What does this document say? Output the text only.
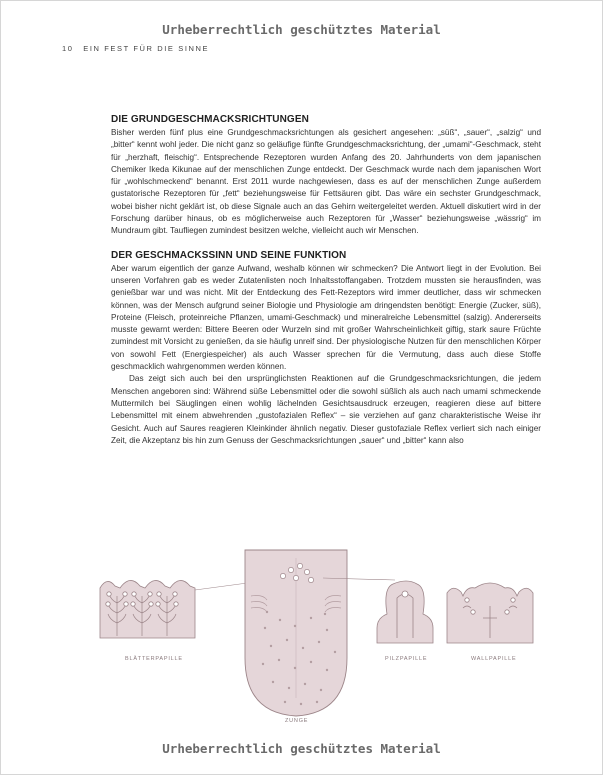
Urheberrechtlich geschütztes Material
10 EIN FEST FÜR DIE SINNE
DIE GRUNDGESCHMACKSRICHTUNGEN

Bisher werden fünf plus eine Grundgeschmacksrichtungen als gesichert angesehen: „süß“, „sauer“, „salzig“ und „bitter“ kennt wohl jeder. Die nicht ganz so geläufige fünfte Grundgeschmacksrichtung, der „umami“-Geschmack, steht für „herzhaft, fleischig“. Entsprechende Rezeptoren wurden Anfang des 20. Jahrhunderts von dem japanischen Chemiker Ikeda Kikunae auf der menschlichen Zunge entdeckt. Der Geschmack wurde nach dem japanischen Wort für „wohlschmeckend“ benannt. Erst 2011 wurde nachgewiesen, dass es auf der menschlichen Zunge außerdem gustatorische Rezeptoren für „fett“ beziehungsweise für Fettsäuren gibt. Das wäre ein sechster Grundgeschmack, wobei bisher nicht geklärt ist, ob diese Signale auch an das Gehirn weitergeleitet werden. Aktuell diskutiert wird in der Forschung darüber hinaus, ob es möglicherweise auch Rezeptoren für „Wasser“ beziehungsweise „wässrig“ im Mundraum gibt. Taufliegen zumindest besitzen welche, vielleicht auch wir Menschen.

DER GESCHMACKSSINN UND SEINE FUNKTION

Aber warum eigentlich der ganze Aufwand, weshalb können wir schmecken? Die Antwort liegt in der Evolution. Bei unseren Vorfahren gab es weder Zutatenlisten noch Inhaltsstoffangaben. Trotzdem mussten sie herausfinden, was genießbar war und was nicht. Mit der Entdeckung des Fett-Rezeptors wird immer deutlicher, dass wir schmecken können, was der Mensch aufgrund seiner Biologie und Physiologie am dringendsten benötigt: Energie (Zucker, süß), Proteine (Fleisch, proteinreiche Pflanzen, umami-Geschmack) und mineralreiche Lebensmittel (salzig). Andererseits musste gewarnt werden: Bittere Beeren oder Wurzeln sind mit großer Wahrscheinlichkeit giftig, stark saure Früchte zumindest mit Vorsicht zu genießen, da sie häufig unreif sind. Der physiologische Nutzen für den menschlichen Körper von sowohl Fett (Energiespeicher) als auch Wasser sprechen für die Vermutung, dass auch diese Stoffe geschmacklich wahrgenommen werden können.

Das zeigt sich auch bei den ursprünglichsten Reaktionen auf die Grundgeschmacksrichtungen, die jedem Menschen angeboren sind: Während süße Lebensmittel oder die sowohl süßlich als auch nach umami schmeckende Muttermilch bei Säuglingen einen wohlig lächelnden Gesichtsausdruck erzeugen, reagieren diese auf bittere Lebensmittel mit einem abwehrenden „gustofazialen Reflex“ – sie verziehen auf ganz charakteristische Weise ihr Gesicht. Auch auf Saures reagieren Kleinkinder ähnlich negativ. Dieser gustofaziale Reflex verliert sich nach einiger Zeit, die Akzeptanz bis hin zum Genuss der Geschmacksrichtungen „sauer“ und „bitter“ kann also

BLÄTTERPAPILLE
ZUNGE
PILZPAPILLE	WALLPAPILLE
Urheberrechtlich geschütztes Material
